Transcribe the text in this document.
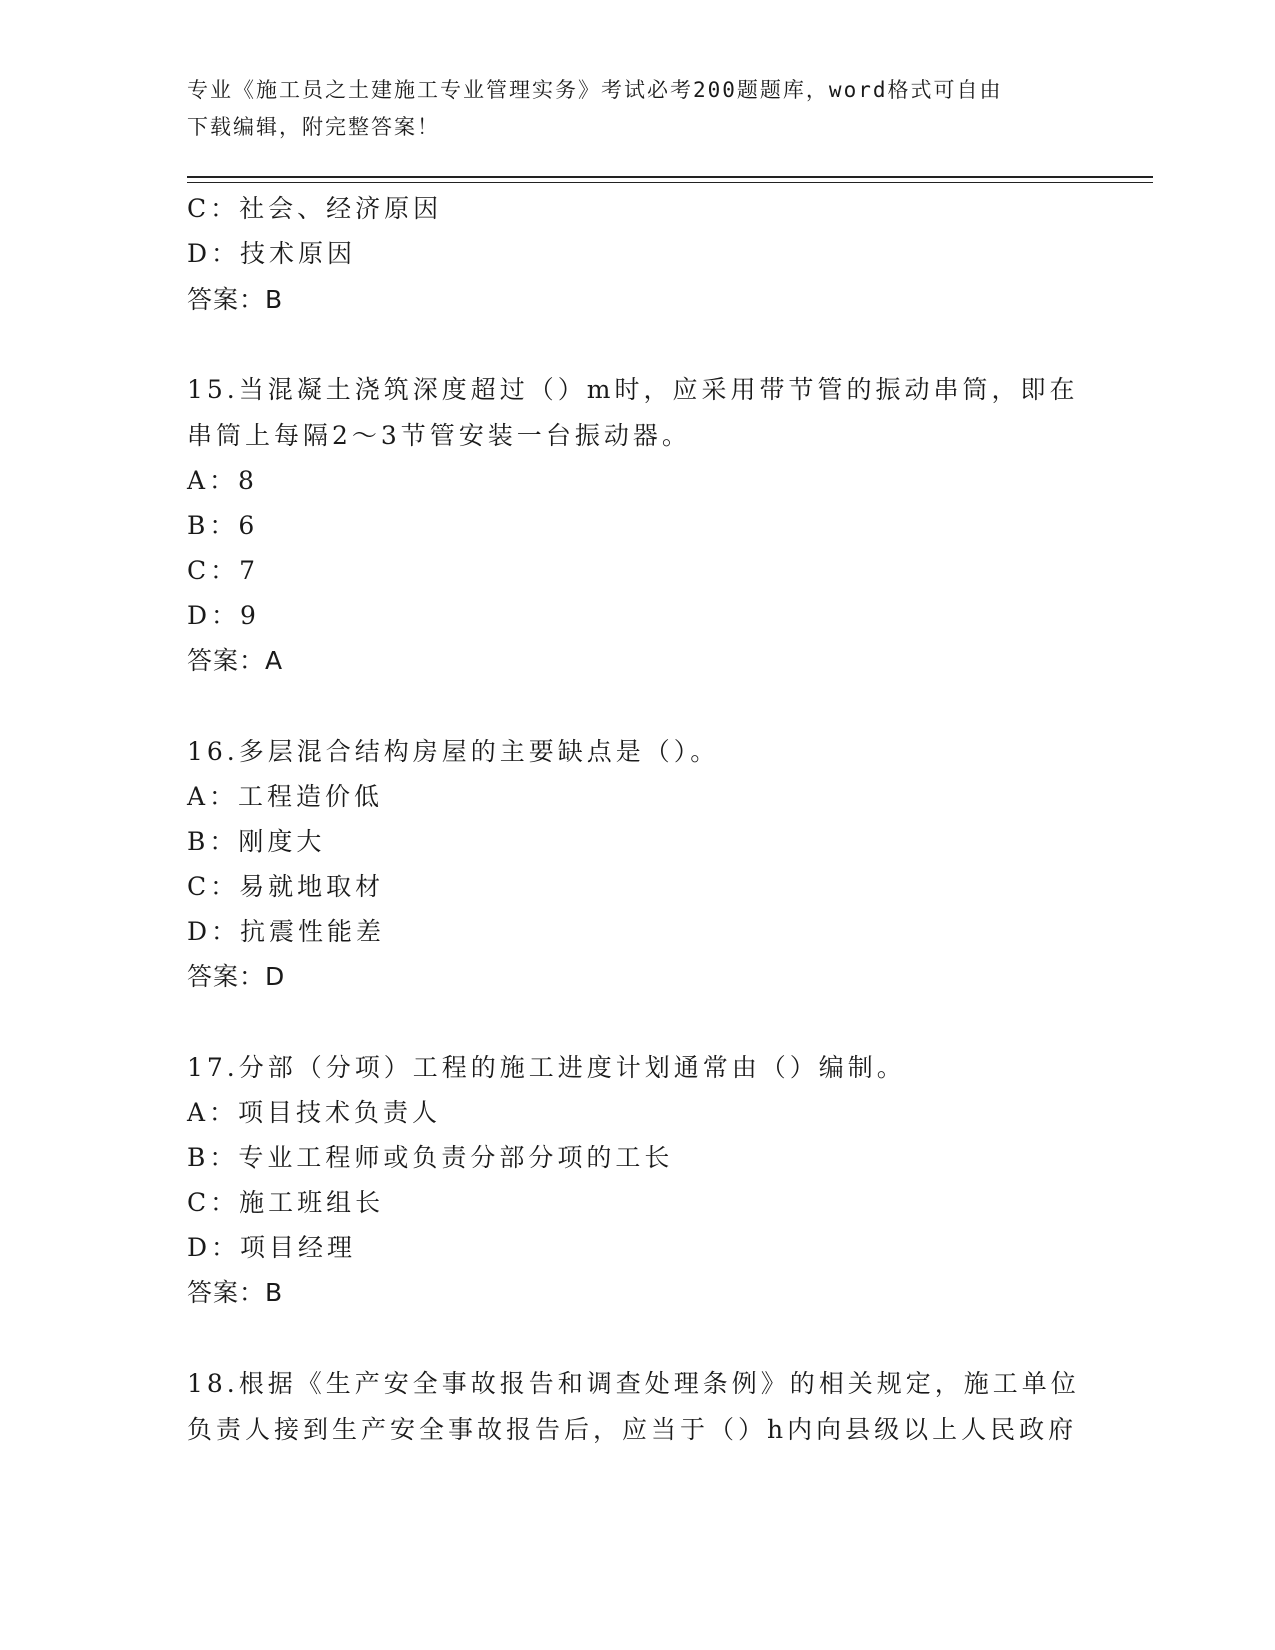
专业《施工员之土建施工专业管理实务》考试必考200题题库，word格式可自由
下载编辑，附完整答案！
C：社会、经济原因
D：技术原因
答案：B
15.当混凝土浇筑深度超过（）m时，应采用带节管的振动串筒，即在
串筒上每隔2～3节管安装一台振动器。
A：8
B：6
C：7
D：9
答案：A
16.多层混合结构房屋的主要缺点是（）。
A：工程造价低
B：刚度大
C：易就地取材
D：抗震性能差
答案：D
17.分部（分项）工程的施工进度计划通常由（）编制。
A：项目技术负责人
B：专业工程师或负责分部分项的工长
C：施工班组长
D：项目经理
答案：B
18.根据《生产安全事故报告和调查处理条例》的相关规定，施工单位
负责人接到生产安全事故报告后，应当于（）h内向县级以上人民政府
